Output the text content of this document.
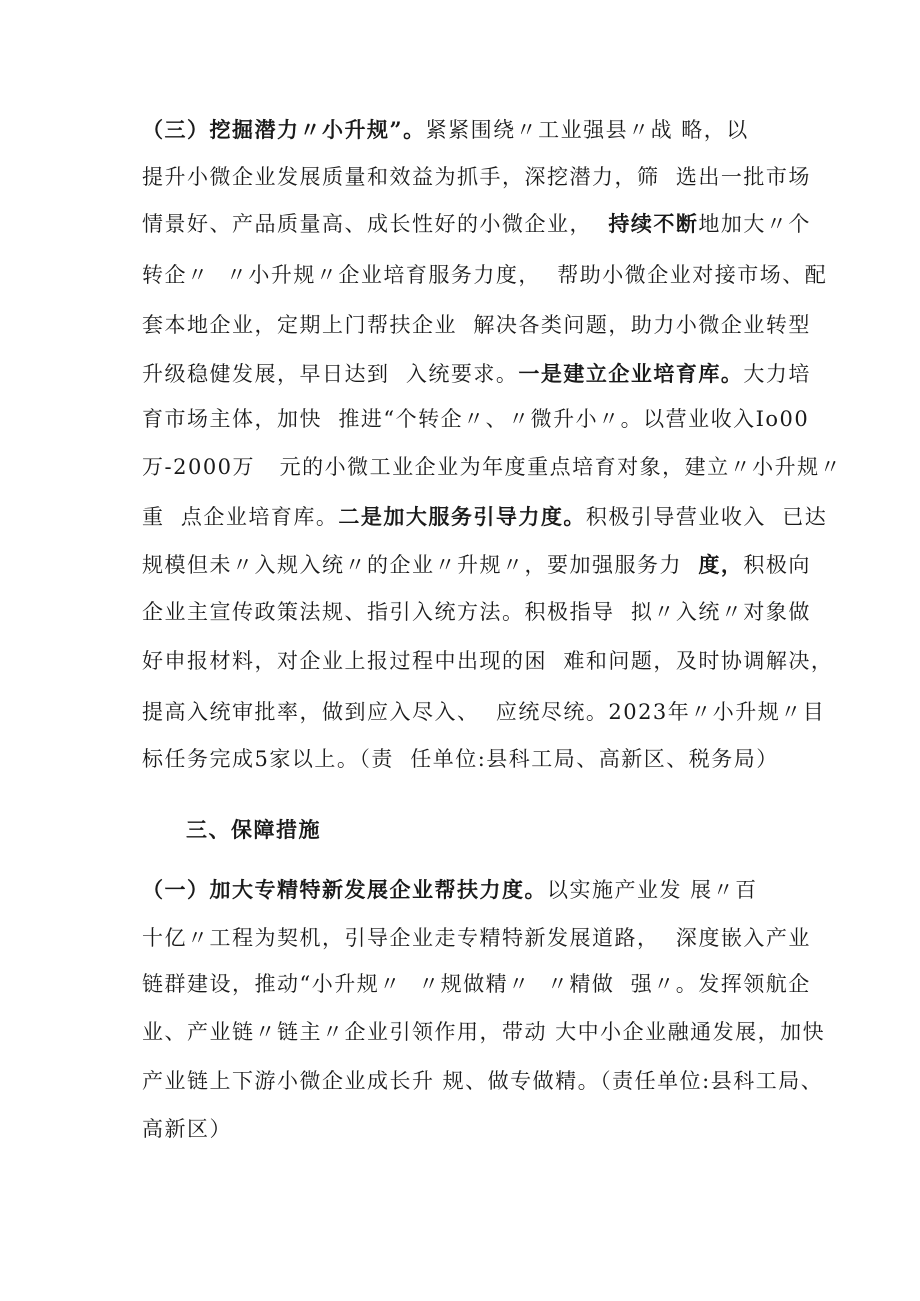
（三）挖掘潜力〃小升规”。紧紧围绕〃工业强县〃战 略，以
提升小微企业发展质量和效益为抓手，深挖潜力，筛  选出一批市场
情景好、产品质量高、成长性好的小微企业，  持续不断地加大〃个
转企〃  〃小升规〃企业培育服务力度，  帮助小微企业对接市场、配
套本地企业，定期上门帮扶企业  解决各类问题，助力小微企业转型
升级稳健发展，早日达到  入统要求。一是建立企业培育库。大力培
育市场主体，加快  推进“个转企〃、〃微升小〃。以营业收入Io00
万-2000万   元的小微工业企业为年度重点培育对象，建立〃小升规〃
重  点企业培育库。二是加大服务引导力度。积极引导营业收入  已达
规模但未〃入规入统〃的企业〃升规〃，要加强服务力  度，积极向
企业主宣传政策法规、指引入统方法。积极指导  拟〃入统〃对象做
好申报材料，对企业上报过程中出现的困  难和问题，及时协调解决，
提高入统审批率，做到应入尽入、  应统尽统。2023年〃小升规〃目
标任务完成5家以上。（责  任单位:县科工局、高新区、税务局）
三、保障措施
（一）加大专精特新发展企业帮扶力度。以实施产业发 展〃百
十亿〃工程为契机，引导企业走专精特新发展道路，  深度嵌入产业
链群建设，推动“小升规〃  〃规做精〃  〃精做  强〃。发挥领航企
业、产业链〃链主〃企业引领作用，带动 大中小企业融通发展，加快
产业链上下游小微企业成长升 规、做专做精。（责任单位:县科工局、
高新区）
